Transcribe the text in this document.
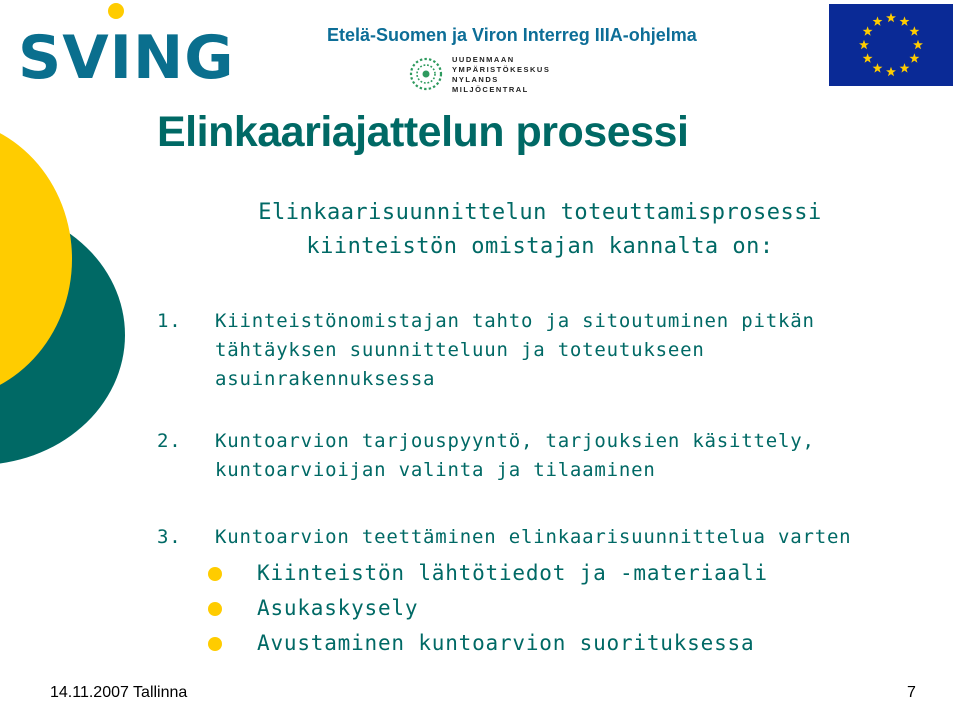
SVING	Etelä-Suomen ja Viron Interreg IIIA-ohjelma
UUDENMAAN
YMPÄRISTÖKESKUS
NYLANDS
MILJÖCENTRAL
Elinkaariajattelun prosessi
Elinkaarisuunnittelun toteuttamisprosessi
kiinteistön omistajan kannalta on:
1. Kiinteistönomistajan tahto ja sitoutuminen pitkän
tähtäyksen suunnitteluun ja toteutukseen
asuinrakennuksessa
2. Kuntoarvion tarjouspyyntö, tarjouksien käsittely,
kuntoarvioijan valinta ja tilaaminen
3. Kuntoarvion teettäminen elinkaarisuunnittelua varten
Kiinteistön lähtötiedot ja -materiaali
Asukaskysely
Avustaminen kuntoarvion suorituksessa
14.11.2007 Tallinna	7
